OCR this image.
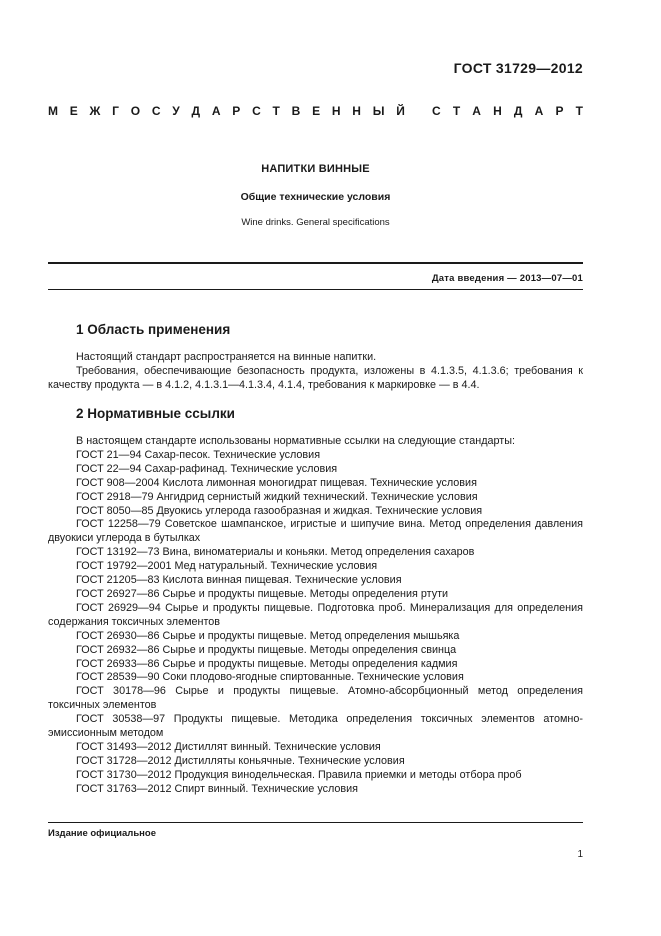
ГОСТ 31729—2012
М Е Ж Г О С У Д А Р С Т В Е Н Н Ы Й С Т А Н Д А Р Т
НАПИТКИ ВИННЫЕ
Общие технические условия
Wine drinks. General specifications
Дата введения — 2013—07—01
1 Область применения

Настоящий стандарт распространяется на винные напитки.

Требования, обеспечивающие безопасность продукта, изложены в 4.1.3.5, 4.1.3.6; требования к качеству продукта — в 4.1.2, 4.1.3.1—4.1.3.4, 4.1.4, требования к маркировке — в 4.4.

2 Нормативные ссылки

В настоящем стандарте использованы нормативные ссылки на следующие стандарты:

ГОСТ 21—94 Сахар-песок. Технические условия

ГОСТ 22—94 Сахар-рафинад. Технические условия

ГОСТ 908—2004 Кислота лимонная моногидрат пищевая. Технические условия

ГОСТ 2918—79 Ангидрид сернистый жидкий технический. Технические условия

ГОСТ 8050—85 Двуокись углерода газообразная и жидкая. Технические условия

ГОСТ 12258—79 Советское шампанское, игристые и шипучие вина. Метод определения давления двуокиси углерода в бутылках

ГОСТ 13192—73 Вина, виноматериалы и коньяки. Метод определения сахаров

ГОСТ 19792—2001 Мед натуральный. Технические условия

ГОСТ 21205—83 Кислота винная пищевая. Технические условия

ГОСТ 26927—86 Сырье и продукты пищевые. Методы определения ртути

ГОСТ 26929—94 Сырье и продукты пищевые. Подготовка проб. Минерализация для определения содержания токсичных элементов

ГОСТ 26930—86 Сырье и продукты пищевые. Метод определения мышьяка

ГОСТ 26932—86 Сырье и продукты пищевые. Методы определения свинца

ГОСТ 26933—86 Сырье и продукты пищевые. Методы определения кадмия

ГОСТ 28539—90 Соки плодово-ягодные спиртованные. Технические условия

ГОСТ 30178—96 Сырье и продукты пищевые. Атомно-абсорбционный метод определения токсичных элементов

ГОСТ 30538—97 Продукты пищевые. Методика определения токсичных элементов атомно-эмиссионным методом

ГОСТ 31493—2012 Дистиллят винный. Технические условия

ГОСТ 31728—2012 Дистилляты коньячные. Технические условия

ГОСТ 31730—2012 Продукция винодельческая. Правила приемки и методы отбора проб

ГОСТ 31763—2012 Спирт винный. Технические условия

Издание официальное
1
